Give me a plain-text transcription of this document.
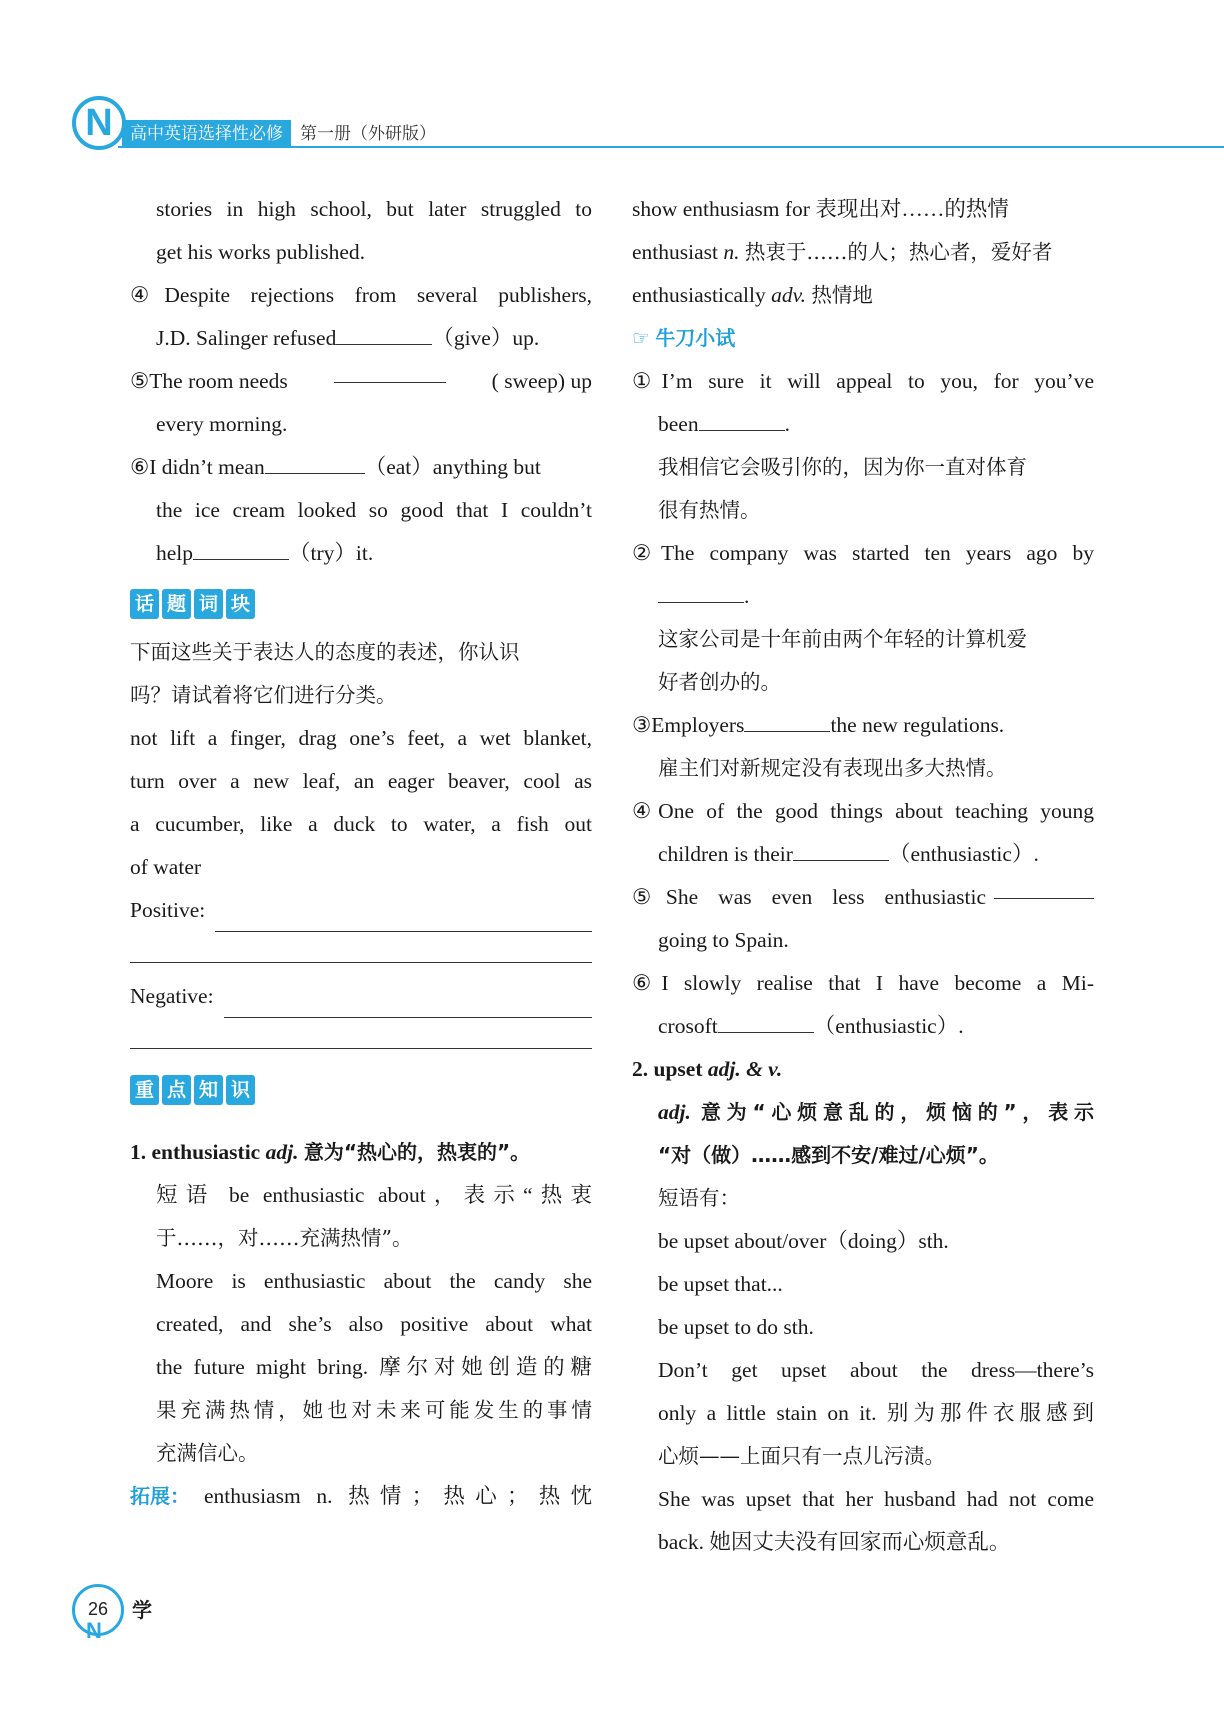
N	高中英语选择性必修	第一册（外研版）
stories in high school, but later struggled to
get his works published.
④Despite rejections from several publishers,
J.D. Salinger refused	（give）up.
⑤The room needs	( sweep) up
every morning.
⑥I didn’t mean	（eat）anything but
the ice cream looked so good that I couldn’t
help	（try）it.
话 题 词 块
下面这些关于表达人的态度的表述，你认识
吗？请试着将它们进行分类。
not lift a finger, drag one’s feet, a wet blanket,
turn over a new leaf, an eager beaver, cool as
a cucumber, like a duck to water, a fish out
of water
Positive:
Negative:
重 点 知 识
1. enthusiastic adj. 意为“热心的，热衷的”。
短语 be enthusiastic about，表示“热衷
于……，对……充满热情”。
Moore is enthusiastic about the candy she
created, and she’s also positive about what
the future might bring. 摩尔对她创造的糖
果充满热情，她也对未来可能发生的事情
充满信心。
拓展： enthusiasm n. 热情；热心；热忱
show enthusiasm for 表现出对……的热情
enthusiast n. 热衷于……的人；热心者，爱好者
enthusiastically adv. 热情地
☞ 牛刀小试
①I’m sure it will appeal to you, for you’ve
been	.
我相信它会吸引你的，因为你一直对体育
很有热情。
②The company was started ten years ago by
.
这家公司是十年前由两个年轻的计算机爱
好者创办的。
③Employers	the new regulations.
雇主们对新规定没有表现出多大热情。
④One of the good things about teaching young
children is their	（enthusiastic）.
⑤She was even less enthusiastic
going to Spain.
⑥I slowly realise that I have become a Mi-
crosoft	（enthusiastic）.
2. upset adj. & v.
adj. 意为“心烦意乱的，烦恼的”，表示
“对（做）……感到不安/难过/心烦”。
短语有：
be upset about/over（doing）sth.
be upset that...
be upset to do sth.
Don’t get upset about the dress—there’s
only a little stain on it. 别为那件衣服感到
心烦——上面只有一点儿污渍。
She was upset that her husband had not come
back. 她因丈夫没有回家而心烦意乱。
26
N
学
